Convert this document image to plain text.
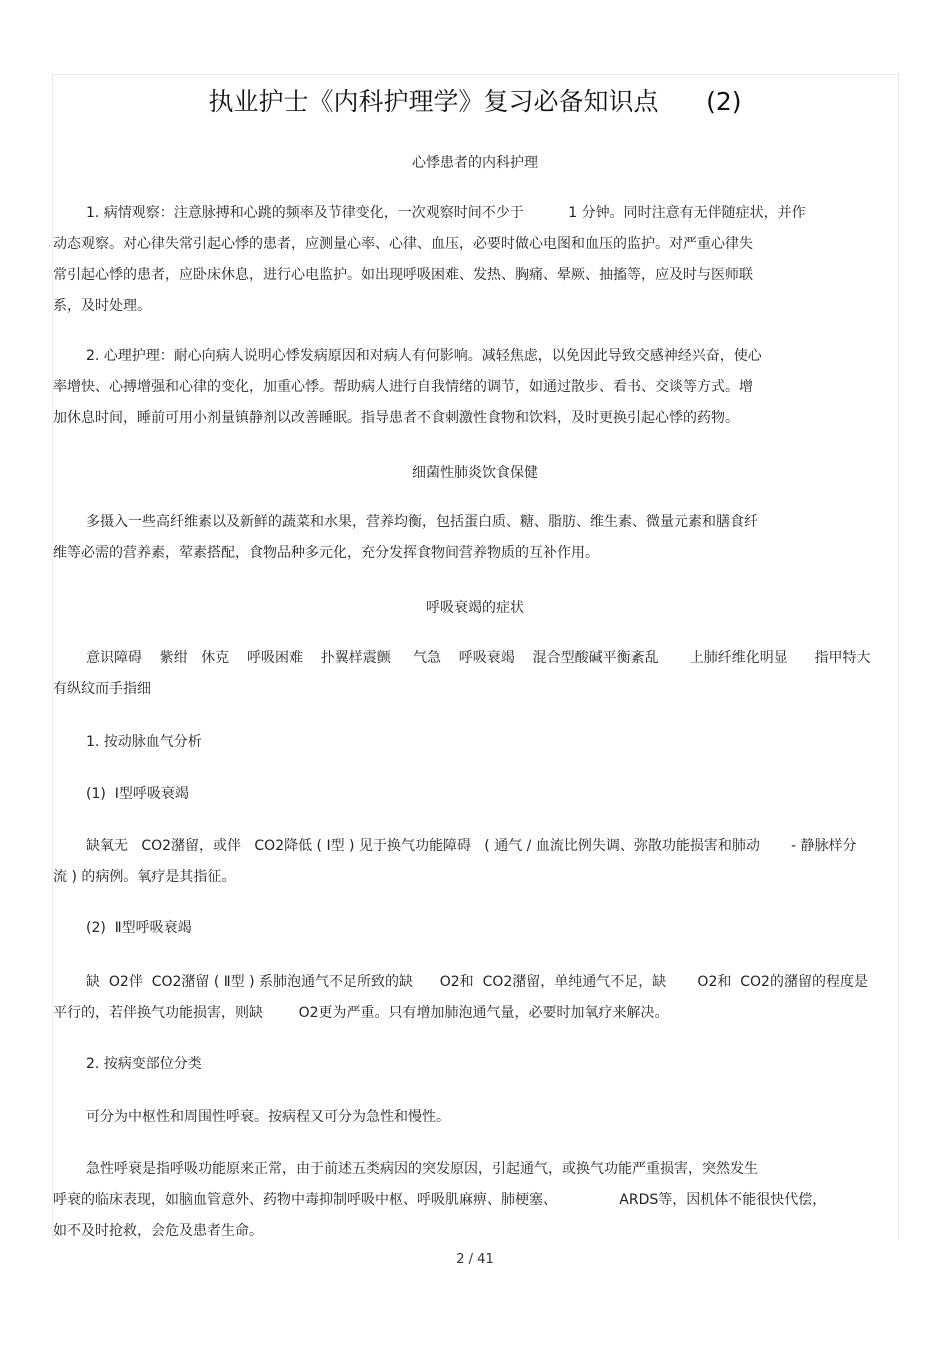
执业护士《内科护理学》复习必备知识点      (2)
心悸患者的内科护理
1. 病情观察：注意脉搏和心跳的频率及节律变化，一次观察时间不少于          1 分钟。同时注意有无伴随症状，并作
动态观察。对心律失常引起心悸的患者，应测量心率、心律、血压，必要时做心电图和血压的监护。对严重心律失
常引起心悸的患者，应卧床休息，进行心电监护。如出现呼吸困难、发热、胸痛、晕厥、抽搐等，应及时与医师联
系，及时处理。
2. 心理护理：耐心向病人说明心悸发病原因和对病人有何影响。减轻焦虑，以免因此导致交感神经兴奋，使心
率增快、心搏增强和心律的变化，加重心悸。帮助病人进行自我情绪的调节，如通过散步、看书、交谈等方式。增
加休息时间，睡前可用小剂量镇静剂以改善睡眠。指导患者不食刺激性食物和饮料，及时更换引起心悸的药物。
细菌性肺炎饮食保健
多摄入一些高纤维素以及新鲜的蔬菜和水果，营养均衡，包括蛋白质、糖、脂肪、维生素、微量元素和膳食纤
维等必需的营养素，荤素搭配，食物品种多元化，充分发挥食物间营养物质的互补作用。
呼吸衰竭的症状
意识障碍    紫绀   休克    呼吸困难    扑翼样震颤     气急    呼吸衰竭    混合型酸碱平衡紊乱       上肺纤维化明显      指甲特大
有纵纹而手指细
1. 按动脉血气分析
(1)  Ⅰ型呼吸衰竭
缺氧无   CO2潴留，或伴   CO2降低 ( Ⅰ型 ) 见于换气功能障碍   ( 通气 / 血流比例失调、弥散功能损害和肺动       - 静脉样分
流 ) 的病例。氧疗是其指征。
(2)  Ⅱ型呼吸衰竭
缺  O2伴  CO2潴留 ( Ⅱ型 ) 系肺泡通气不足所致的缺      O2和  CO2潴留，单纯通气不足，缺       O2和  CO2的潴留的程度是
平行的，若伴换气功能损害，则缺        O2更为严重。只有增加肺泡通气量，必要时加氧疗来解决。
2. 按病变部位分类
可分为中枢性和周围性呼衰。按病程又可分为急性和慢性。
急性呼衰是指呼吸功能原来正常，由于前述五类病因的突发原因，引起通气，或换气功能严重损害，突然发生
呼衰的临床表现，如脑血管意外、药物中毒抑制呼吸中枢、呼吸肌麻痹、肺梗塞、              ARDS等，因机体不能很快代偿，
如不及时抢救，会危及患者生命。
2 / 41
